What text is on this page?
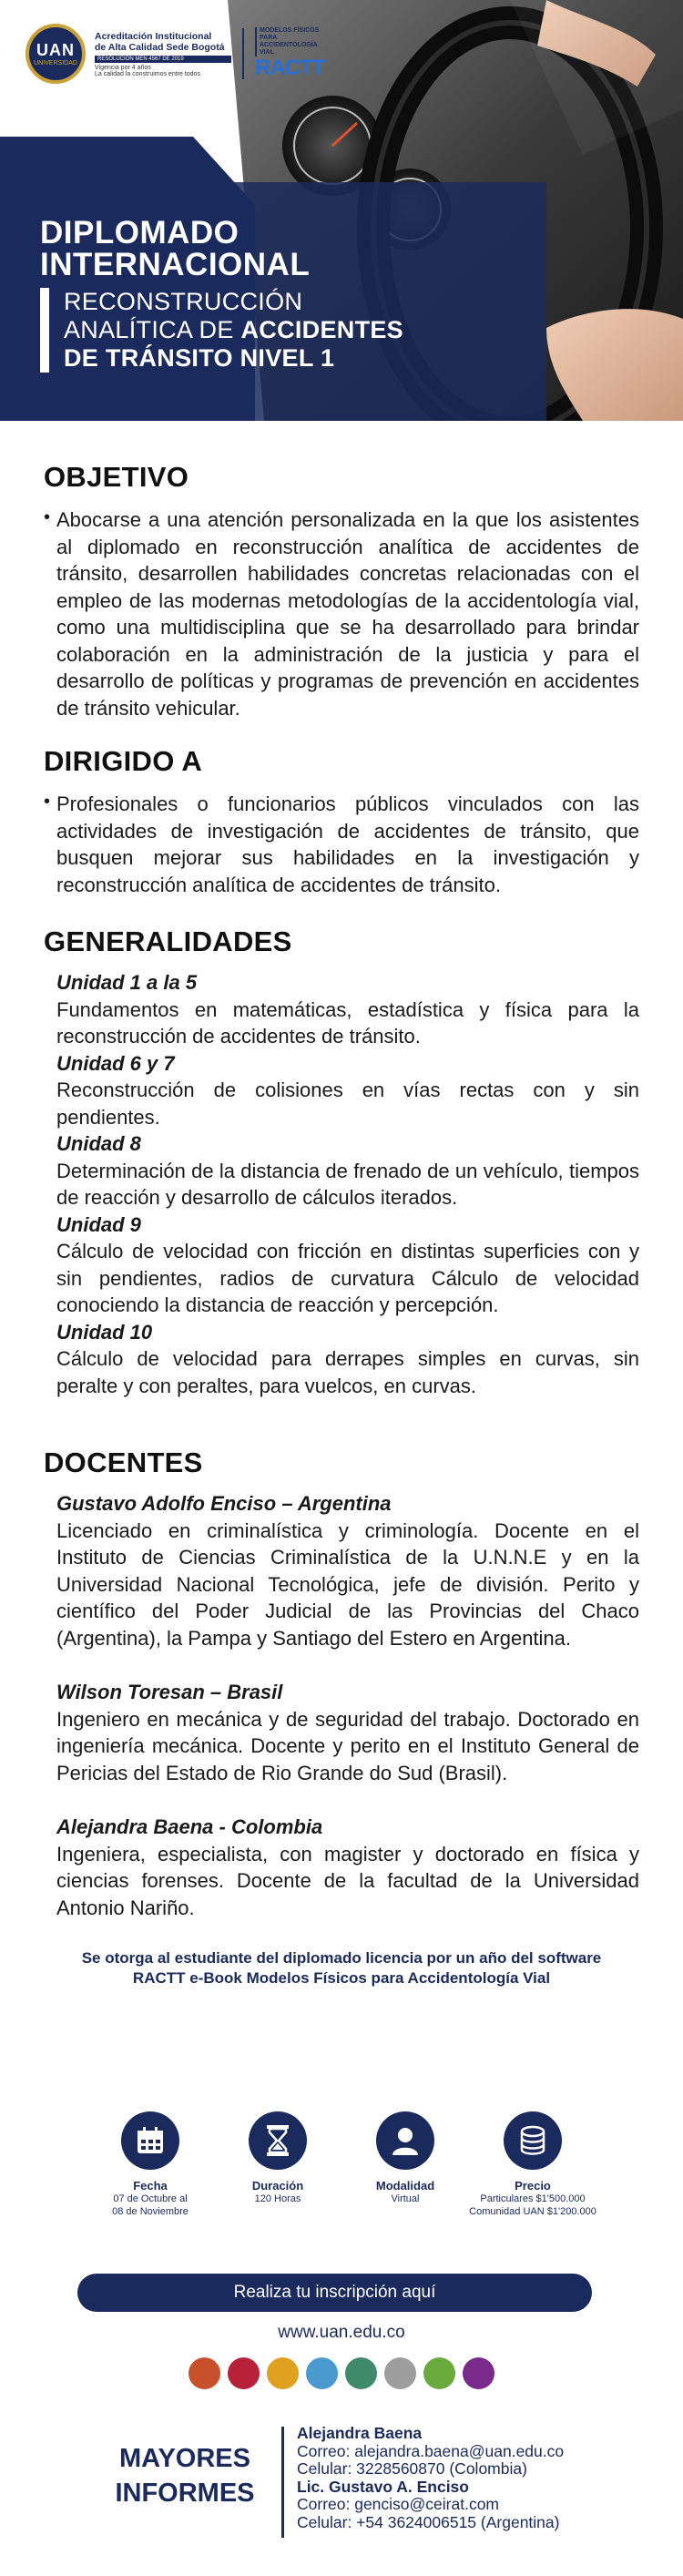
UAN
UNIVERSIDAD
Acreditación Institucional
de Alta Calidad Sede Bogotá
RESOLUCIÓN MEN 4567 DE 2019
Vigencia por 4 años
La calidad la construimos entre todos
MODELOS FÍSICOS PARA ACCIDENTOLOGÍA VIAL
RACTT
DIPLOMADO
INTERNACIONAL
RECONSTRUCCIÓN
ANALÍTICA DE ACCIDENTES
DE TRÁNSITO NIVEL 1
OBJETIVO
• Abocarse a una atención personalizada en la que los asistentes al diplomado en reconstrucción analítica de accidentes de tránsito, desarrollen habilidades concretas relacionadas con el empleo de las modernas metodologías de la accidentología vial, como una multidisciplina que se ha desarrollado para brindar colaboración en la administración de la justicia y para el desarrollo de políticas y programas de prevención en accidentes de tránsito vehicular.
DIRIGIDO A
• Profesionales o funcionarios públicos vinculados con las actividades de investigación de accidentes de tránsito, que busquen mejorar sus habilidades en la investigación y reconstrucción analítica de accidentes de tránsito.
GENERALIDADES
Unidad 1 a la 5
Fundamentos en matemáticas, estadística y física para la reconstrucción de accidentes de tránsito.
Unidad 6 y 7
Reconstrucción de colisiones en vías rectas con y sin pendientes.
Unidad 8
Determinación de la distancia de frenado de un vehículo, tiempos de reacción y desarrollo de cálculos iterados.
Unidad 9
Cálculo de velocidad con fricción en distintas superficies con y sin pendientes, radios de curvatura Cálculo de velocidad conociendo la distancia de reacción y percepción.
Unidad 10
Cálculo de velocidad para derrapes simples en curvas, sin peralte y con peraltes, para vuelcos, en curvas.
DOCENTES
Gustavo Adolfo Enciso – Argentina
Licenciado en criminalística y criminología. Docente en el Instituto de Ciencias Criminalística de la U.N.N.E y en la Universidad Nacional Tecnológica, jefe de división. Perito y científico del Poder Judicial de las Provincias del Chaco (Argentina), la Pampa y Santiago del Estero en Argentina.
Wilson Toresan – Brasil
Ingeniero en mecánica y de seguridad del trabajo. Doctorado en ingeniería mecánica. Docente y perito en el Instituto General de Pericias del Estado de Rio Grande do Sud (Brasil).
Alejandra Baena - Colombia
Ingeniera, especialista, con magister y doctorado en física y ciencias forenses. Docente de la facultad de la Universidad Antonio Nariño.
Se otorga al estudiante del diplomado licencia por un año del software
RACTT e-Book Modelos Físicos para Accidentología Vial
Fecha
07 de Octubre al
08 de Noviembre
Duración
120 Horas
Modalidad
Virtual
Precio
Particulares $1'500.000
Comunidad UAN $1'200.000
Realiza tu inscripción aquí
www.uan.edu.co
MAYORES
INFORMES
Alejandra Baena
Correo: alejandra.baena@uan.edu.co
Celular: 3228560870 (Colombia)
Lic. Gustavo A. Enciso
Correo: genciso@ceirat.com
Celular: +54 3624006515 (Argentina)
